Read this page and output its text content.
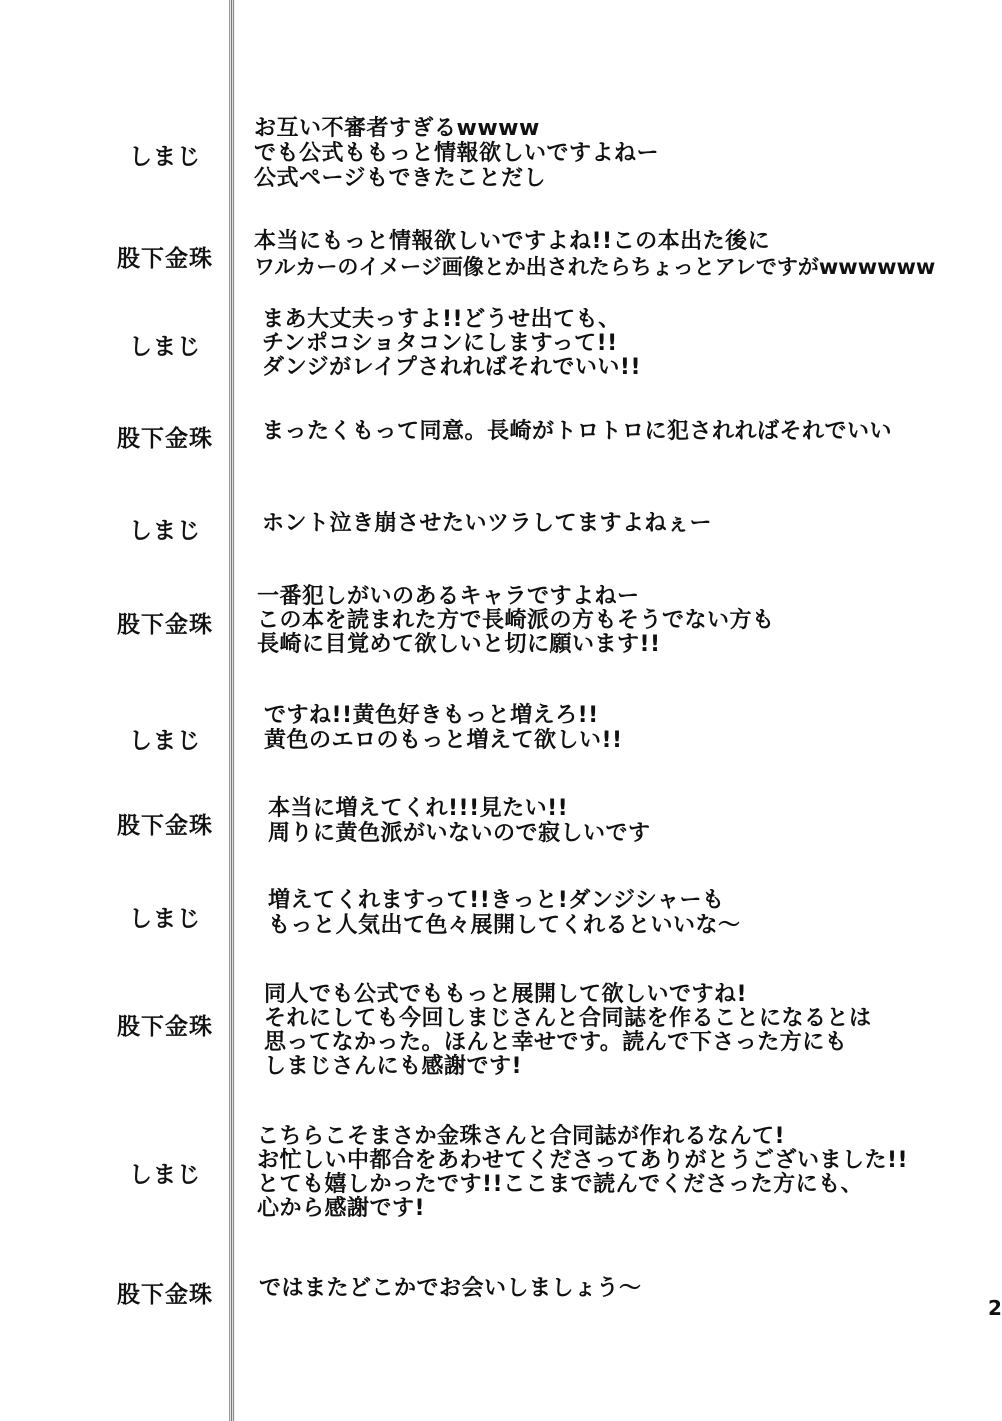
しまじ
お互い不審者すぎるwwww
でも公式ももっと情報欲しいですよねー
公式ページもできたことだし
股下金珠
本当にもっと情報欲しいですよね!!この本出た後に
ワルカーのイメージ画像とか出されたらちょっとアレですがwwwwww
しまじ
まあ大丈夫っすよ!!どうせ出ても、
チンポコショタコンにしますって!!
ダンジがレイプされればそれでいい!!
股下金珠	まったくもって同意。長崎がトロトロに犯されればそれでいい
しまじ	ホント泣き崩させたいツラしてますよねぇー
股下金珠
一番犯しがいのあるキャラですよねー
この本を読まれた方で長崎派の方もそうでない方も
長崎に目覚めて欲しいと切に願います!!
しまじ
ですね!!黄色好きもっと増えろ!!
黄色のエロのもっと増えて欲しい!!
股下金珠
本当に増えてくれ!!!見たい!!
周りに黄色派がいないので寂しいです
しまじ
増えてくれますって!!きっと!ダンジシャーも
もっと人気出て色々展開してくれるといいな〜
股下金珠
同人でも公式でももっと展開して欲しいですね!
それにしても今回しまじさんと合同誌を作ることになるとは
思ってなかった。ほんと幸せです。読んで下さった方にも
しまじさんにも感謝です!
しまじ
こちらこそまさか金珠さんと合同誌が作れるなんて!
お忙しい中都合をあわせてくださってありがとうございました!!
とても嬉しかったです!!ここまで読んでくださった方にも、
心から感謝です!
股下金珠	ではまたどこかでお会いしましょう〜
2
